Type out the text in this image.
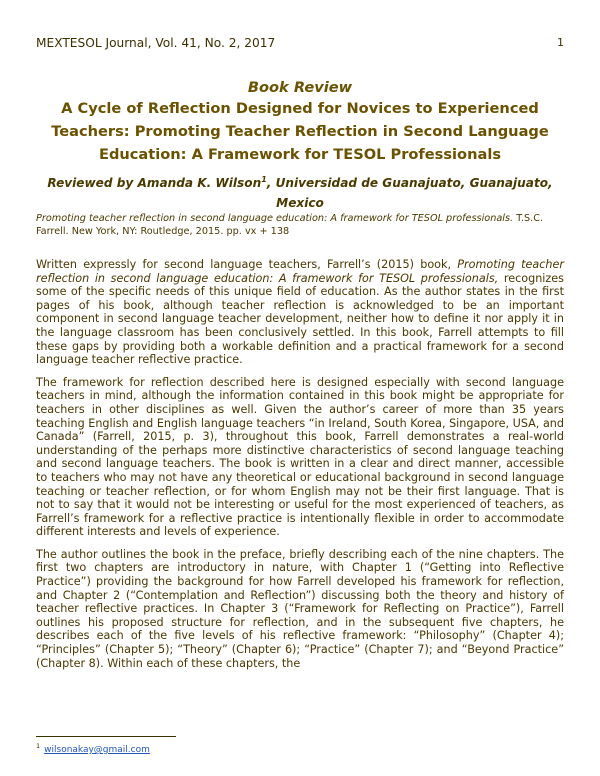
MEXTESOL Journal, Vol. 41, No. 2, 2017	1
Book Review
A Cycle of Reflection Designed for Novices to Experienced Teachers: Promoting Teacher Reflection in Second Language Education: A Framework for TESOL Professionals
Reviewed by Amanda K. Wilson$^1$, Universidad de Guanajuato, Guanajuato, Mexico
Promoting teacher reflection in second language education: A framework for TESOL professionals. T.S.C. Farrell. New York, NY: Routledge, 2015. pp. vx + 138

Written expressly for second language teachers, Farrell’s (2015) book, Promoting teacher reflection in second language education: A framework for TESOL professionals, recognizes some of the specific needs of this unique field of education. As the author states in the first pages of his book, although teacher reflection is acknowledged to be an important component in second language teacher development, neither how to define it nor apply it in the language classroom has been conclusively settled. In this book, Farrell attempts to fill these gaps by providing both a workable definition and a practical framework for a second language teacher reflective practice.

The framework for reflection described here is designed especially with second language teachers in mind, although the information contained in this book might be appropriate for teachers in other disciplines as well. Given the author’s career of more than 35 years teaching English and English language teachers “in Ireland, South Korea, Singapore, USA, and Canada” (Farrell, 2015, p. 3), throughout this book, Farrell demonstrates a real-world understanding of the perhaps more distinctive characteristics of second language teaching and second language teachers. The book is written in a clear and direct manner, accessible to teachers who may not have any theoretical or educational background in second language teaching or teacher reflection, or for whom English may not be their first language. That is not to say that it would not be interesting or useful for the most experienced of teachers, as Farrell’s framework for a reflective practice is intentionally flexible in order to accommodate different interests and levels of experience.

The author outlines the book in the preface, briefly describing each of the nine chapters. The first two chapters are introductory in nature, with Chapter 1 (“Getting into Reflective Practice”) providing the background for how Farrell developed his framework for reflection, and Chapter 2 (“Contemplation and Reflection”) discussing both the theory and history of teacher reflective practices. In Chapter 3 (“Framework for Reflecting on Practice”), Farrell outlines his proposed structure for reflection, and in the subsequent five chapters, he describes each of the five levels of his reflective framework: “Philosophy” (Chapter 4); “Principles” (Chapter 5); “Theory” (Chapter 6); “Practice” (Chapter 7); and “Beyond Practice” (Chapter 8). Within each of these chapters, the

$^1$ wilsonakay@gmail.com
